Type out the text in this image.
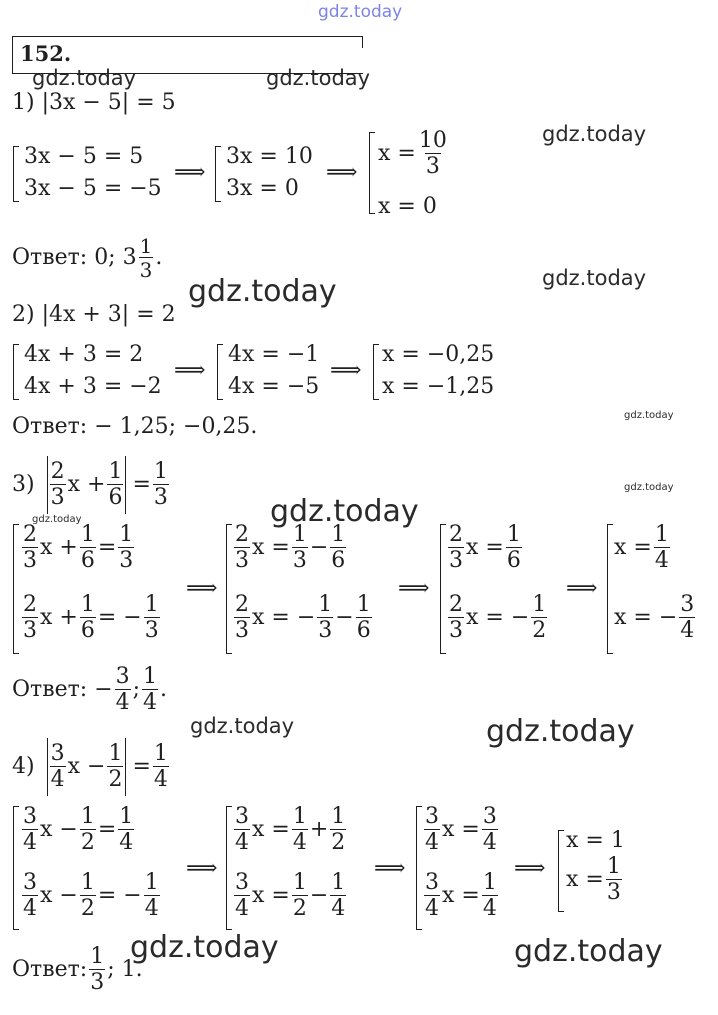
gdz.today
gdz.today	gdz.today
gdz.today
gdz.today
gdz.today
gdz.today
gdz.today
gdz.today	gdz.today
gdz.today	gdz.today
gdz.today	gdz.today
152.
1) |3x − 5| = 5
3x − 5 = 5
3x − 5 = −5
⟹
3x = 10
3x = 0
⟹
$x = \frac{10}{3}$
x = 0
Ответ: 0; $3 \frac{1}{3}$ .
2) |4x + 3| = 2
4x + 3 = 2
4x + 3 = −2
⟹
4x = −1
4x = −5
⟹
x = −0,25
x = −1,25
Ответ: − 1,25; −0,25.
$3) \frac{2}{3}$ $x + \frac{1}{6} = \frac{1}{3}$
$\frac{2}{3}$ $x + \frac{1}{6} = \frac{1}{3}$
$\frac{2}{3}$ $x + \frac{1}{6}$ = − $\frac{1}{3}$
⟹
$\frac{2}{3}$ $x = \frac{1}{3} - \frac{1}{6}$
$\frac{2}{3}$ x = − $\frac{1}{3} - \frac{1}{6}$
⟹
$\frac{2}{3}$ $x = \frac{1}{6}$
$\frac{2}{3}$ x = − $\frac{1}{2}$
⟹
$x = \frac{1}{4}$
x = − $\frac{3}{4}$
Ответ: − $\frac{3}{4}$ ; $\frac{1}{4}$ .
$4) \frac{3}{4}$ $x - \frac{1}{2} = \frac{1}{4}$
$\frac{3}{4}$ $x - \frac{1}{2} = \frac{1}{4}$
$\frac{3}{4}$ $x - \frac{1}{2}$ = − $\frac{1}{4}$
⟹
$\frac{3}{4}$ $x = \frac{1}{4} + \frac{1}{2}$
$\frac{3}{4}$ $x = \frac{1}{2} - \frac{1}{4}$
⟹
$\frac{3}{4}$ $x = \frac{3}{4}$
$\frac{3}{4}$ $x = \frac{1}{4}$
⟹
x = 1
$x = \frac{1}{3}$
Ответ: $\frac{1}{3}$ ; 1.
